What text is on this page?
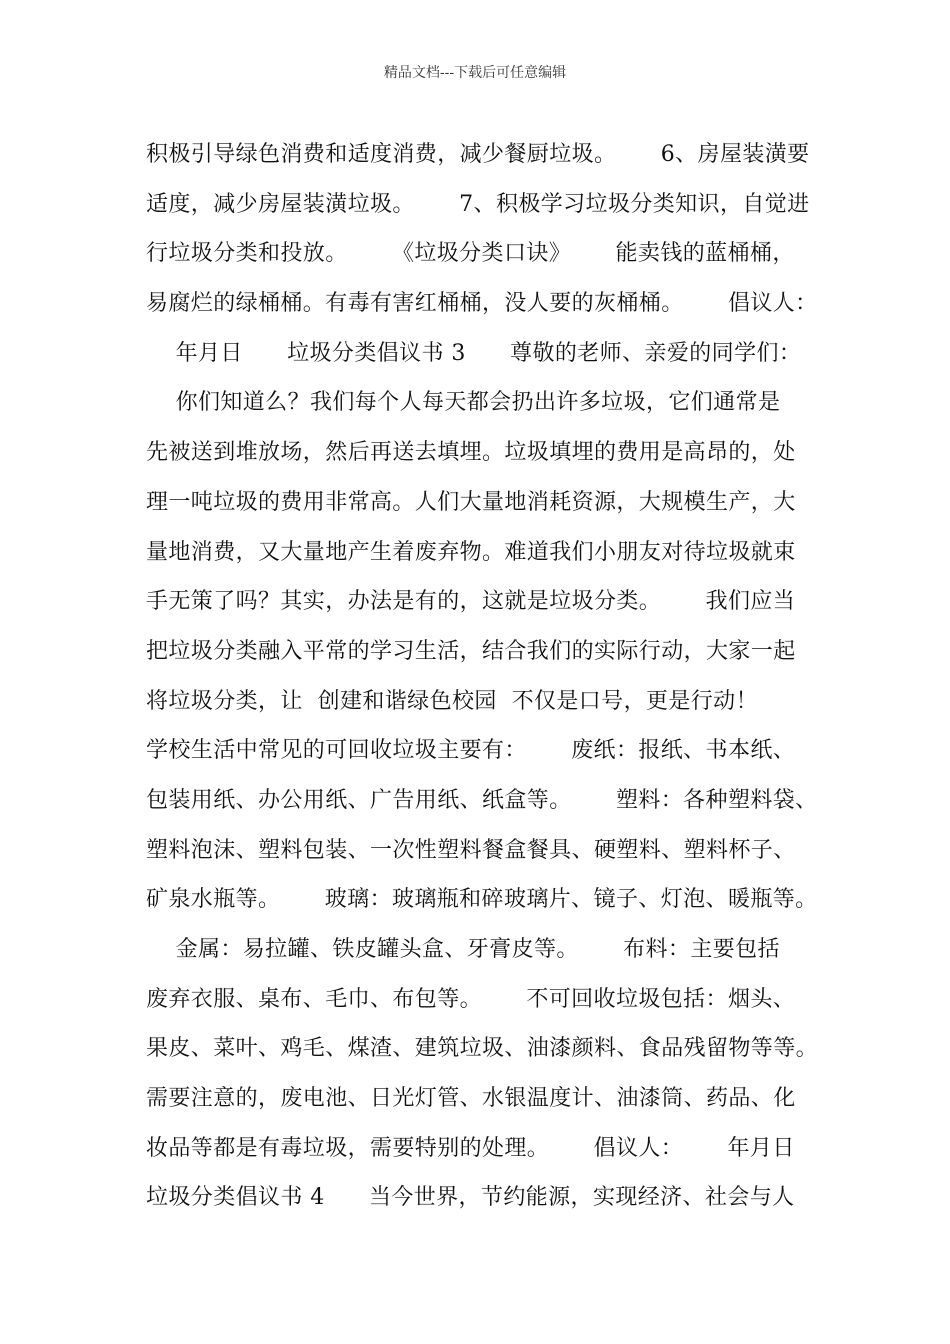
精品文档---下载后可任意编辑
积极引导绿色消费和适度消费，减少餐厨垃圾。      6、房屋装潢要
适度，减少房屋装潢垃圾。      7、积极学习垃圾分类知识，自觉进
行垃圾分类和投放。      《垃圾分类口诀》      能卖钱的蓝桶桶，
易腐烂的绿桶桶。有毒有害红桶桶，没人要的灰桶桶。      倡议人：
年月日      垃圾分类倡议书 3      尊敬的老师、亲爱的同学们：
你们知道么？我们每个人每天都会扔出许多垃圾，它们通常是
先被送到堆放场，然后再送去填埋。垃圾填埋的费用是高昂的，处
理一吨垃圾的费用非常高。人们大量地消耗资源，大规模生产，大
量地消费，又大量地产生着废弃物。难道我们小朋友对待垃圾就束
手无策了吗？其实，办法是有的，这就是垃圾分类。      我们应当
把垃圾分类融入平常的学习生活，结合我们的实际行动，大家一起
将垃圾分类，让  创建和谐绿色校园  不仅是口号，更是行动！
学校生活中常见的可回收垃圾主要有：      废纸：报纸、书本纸、
包装用纸、办公用纸、广告用纸、纸盒等。      塑料：各种塑料袋、
塑料泡沫、塑料包装、一次性塑料餐盒餐具、硬塑料、塑料杯子、
矿泉水瓶等。      玻璃：玻璃瓶和碎玻璃片、镜子、灯泡、暖瓶等。
金属：易拉罐、铁皮罐头盒、牙膏皮等。      布料：主要包括
废弃衣服、桌布、毛巾、布包等。      不可回收垃圾包括：烟头、
果皮、菜叶、鸡毛、煤渣、建筑垃圾、油漆颜料、食品残留物等等。
需要注意的，废电池、日光灯管、水银温度计、油漆筒、药品、化
妆品等都是有毒垃圾，需要特别的处理。      倡议人：      年月日
垃圾分类倡议书 4      当今世界，节约能源，实现经济、社会与人
